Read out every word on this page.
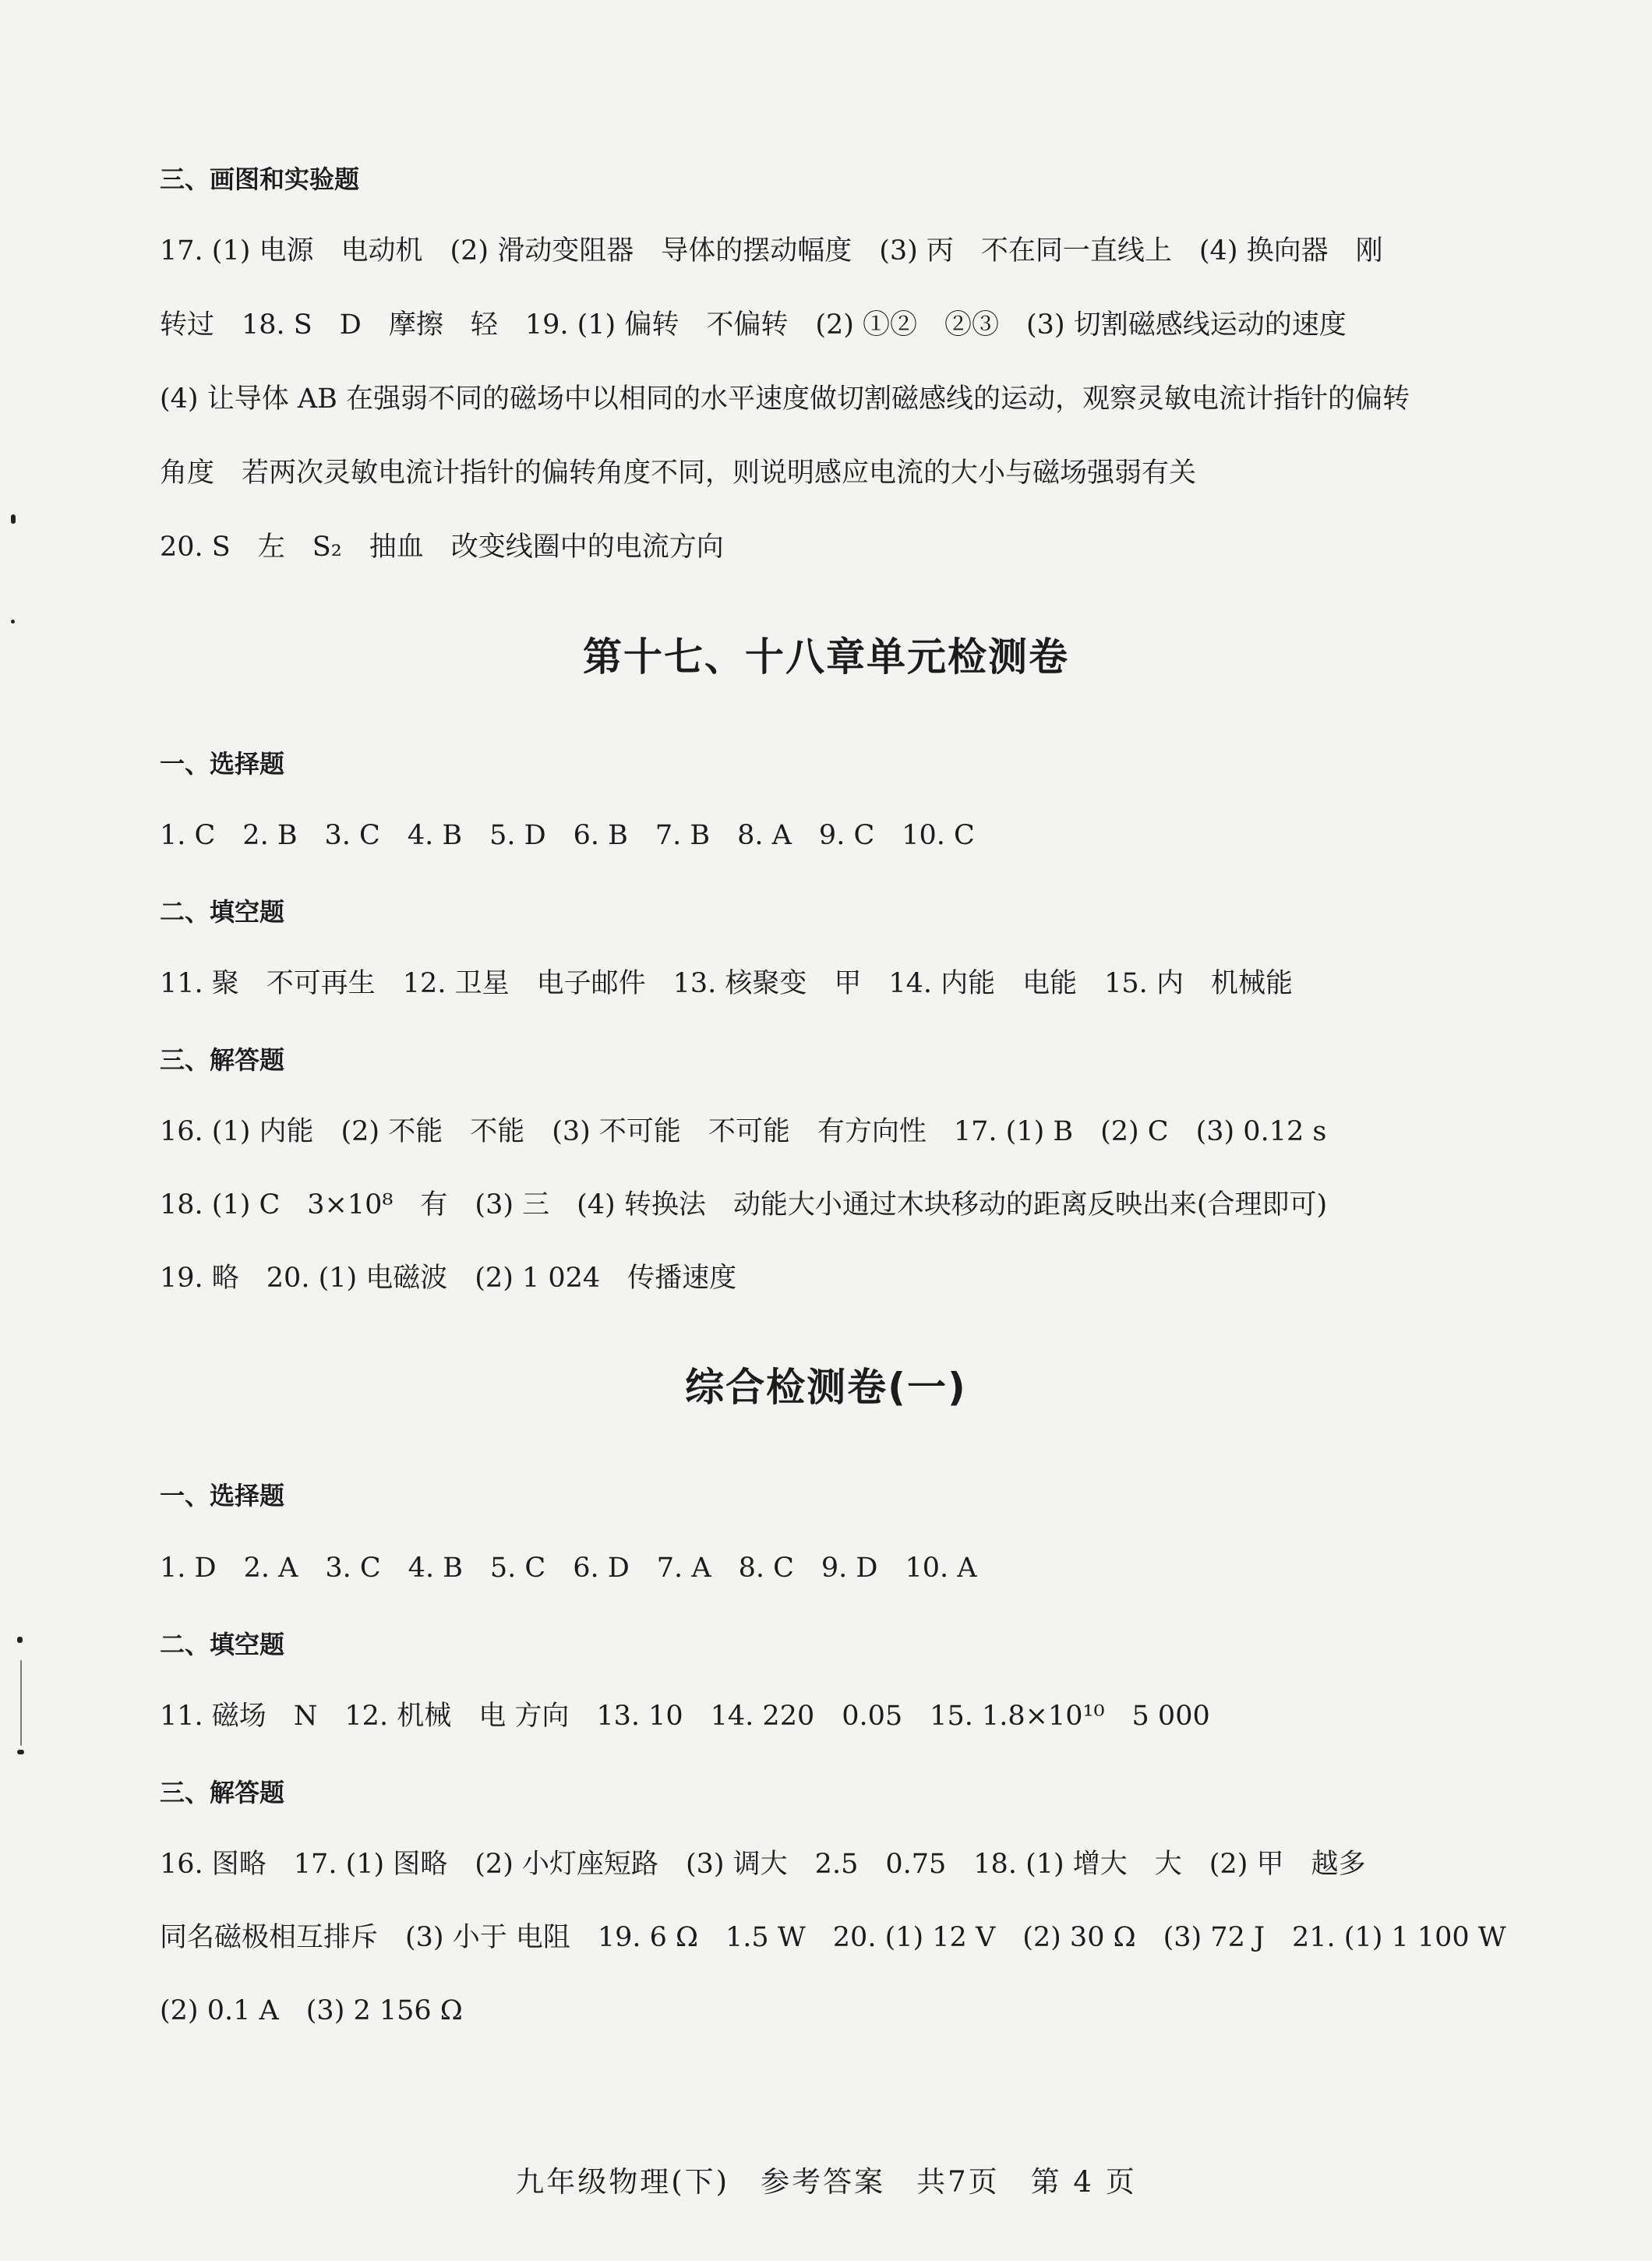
三、画图和实验题
17. (1) 电源　电动机　(2) 滑动变阻器　导体的摆动幅度　(3) 丙　不在同一直线上　(4) 换向器　刚
转过　18. S　D　摩擦　轻　19. (1) 偏转　不偏转　(2) ①②　②③　(3) 切割磁感线运动的速度
(4) 让导体 AB 在强弱不同的磁场中以相同的水平速度做切割磁感线的运动，观察灵敏电流计指针的偏转
角度　若两次灵敏电流计指针的偏转角度不同，则说明感应电流的大小与磁场强弱有关
20. S　左　S₂　抽血　改变线圈中的电流方向
第十七、十八章单元检测卷
一、选择题
1. C　2. B　3. C　4. B　5. D　6. B　7. B　8. A　9. C　10. C
二、填空题
11. 聚　不可再生　12. 卫星　电子邮件　13. 核聚变　甲　14. 内能　电能　15. 内　机械能
三、解答题
16. (1) 内能　(2) 不能　不能　(3) 不可能　不可能　有方向性　17. (1) B　(2) C　(3) 0.12 s
18. (1) C　3×10⁸　有　(3) 三　(4) 转换法　动能大小通过木块移动的距离反映出来(合理即可)
19. 略　20. (1) 电磁波　(2) 1 024　传播速度
综合检测卷(一)
一、选择题
1. D　2. A　3. C　4. B　5. C　6. D　7. A　8. C　9. D　10. A
二、填空题
11. 磁场　N　12. 机械　电 方向　13. 10　14. 220　0.05　15. 1.8×10¹⁰　5 000
三、解答题
16. 图略　17. (1) 图略　(2) 小灯座短路　(3) 调大　2.5　0.75　18. (1) 增大　大　(2) 甲　越多
同名磁极相互排斥　(3) 小于 电阻　19. 6 Ω　1.5 W　20. (1) 12 V　(2) 30 Ω　(3) 72 J　21. (1) 1 100 W
(2) 0.1 A　(3) 2 156 Ω
九年级物理(下)　参考答案　共7页　第 4 页
